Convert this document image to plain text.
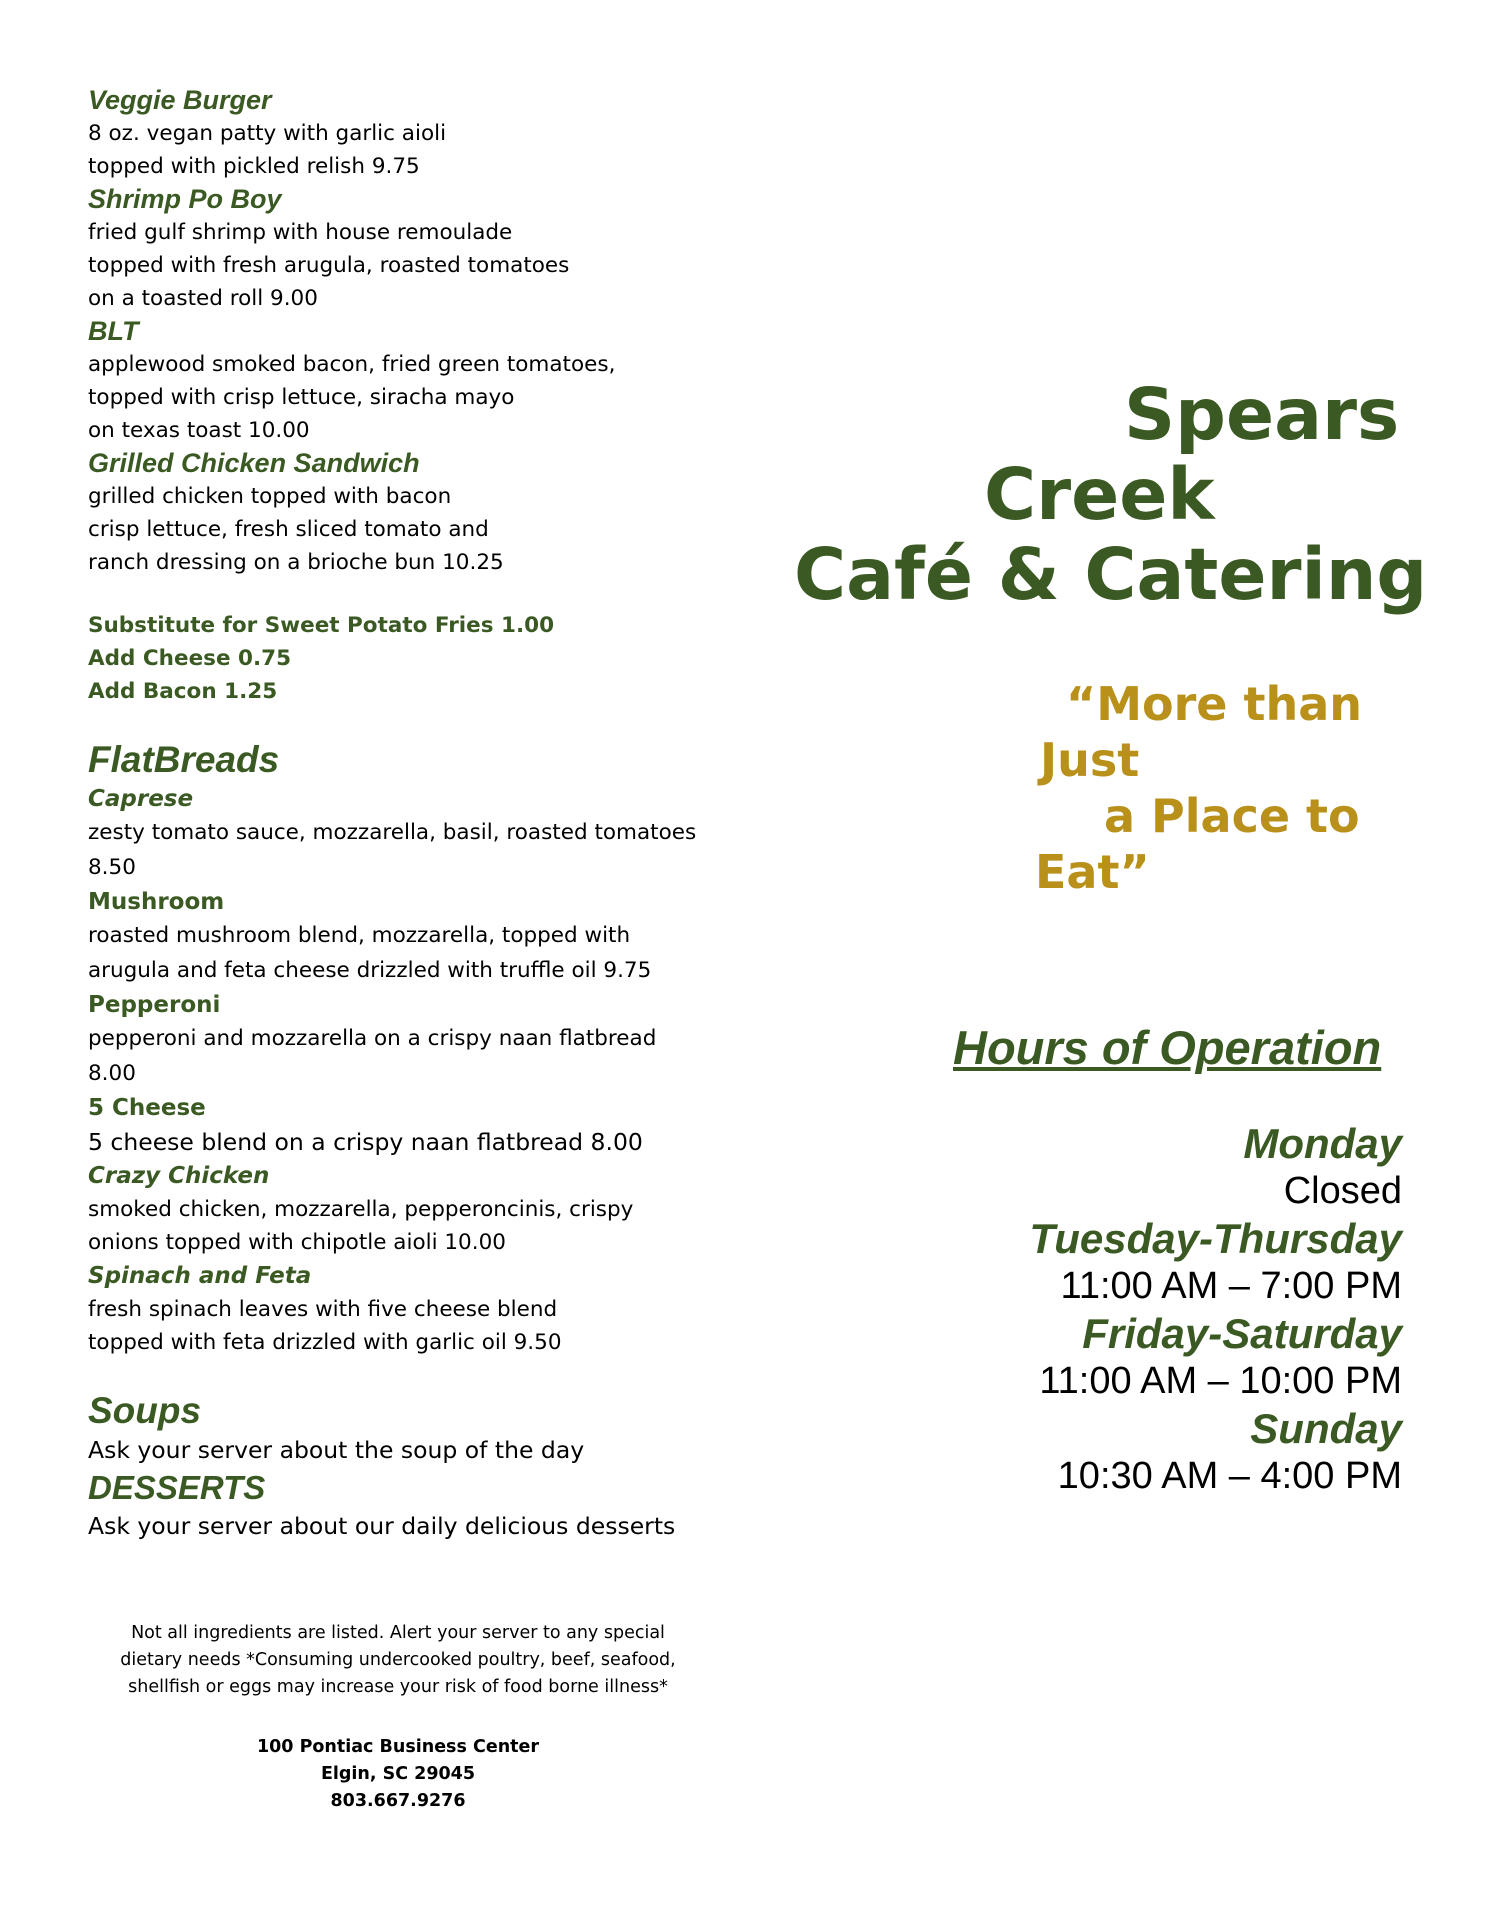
Veggie Burger

8 oz. vegan patty with garlic aioli
topped with pickled relish 9.75

Shrimp Po Boy

fried gulf shrimp with house remoulade
topped with fresh arugula, roasted tomatoes
on a toasted roll 9.00

BLT

applewood smoked bacon, fried green tomatoes,
topped with crisp lettuce, siracha mayo
on texas toast 10.00

Grilled Chicken Sandwich

grilled chicken topped with bacon
crisp lettuce, fresh sliced tomato and
ranch dressing on a brioche bun 10.25

Substitute for Sweet Potato Fries 1.00
Add Cheese 0.75
Add Bacon 1.25

FlatBreads

Caprese

zesty tomato sauce, mozzarella, basil, roasted tomatoes
8.50

Mushroom

roasted mushroom blend, mozzarella, topped with
arugula and feta cheese drizzled with truffle oil 9.75

Pepperoni

pepperoni and mozzarella on a crispy naan flatbread
8.00

5 Cheese

5 cheese blend on a crispy naan flatbread 8.00

Crazy Chicken

smoked chicken, mozzarella, pepperoncinis, crispy
onions topped with chipotle aioli 10.00

Spinach and Feta

fresh spinach leaves with five cheese blend
topped with feta drizzled with garlic oil 9.50

Soups

Ask your server about the soup of the day

DESSERTS

Ask your server about our daily delicious desserts

Not all ingredients are listed. Alert your server to any special
dietary needs *Consuming undercooked poultry, beef, seafood,
shellfish or eggs may increase your risk of food borne illness*
100 Pontiac Business Center
Elgin, SC 29045
803.667.9276
Spears
Creek
Café & Catering
“More than
Just
a Place to
Eat”
Hours of Operation
Monday
Closed
Tuesday-Thursday
11:00 AM – 7:00 PM
Friday-Saturday
11:00 AM – 10:00 PM
Sunday
10:30 AM – 4:00 PM
